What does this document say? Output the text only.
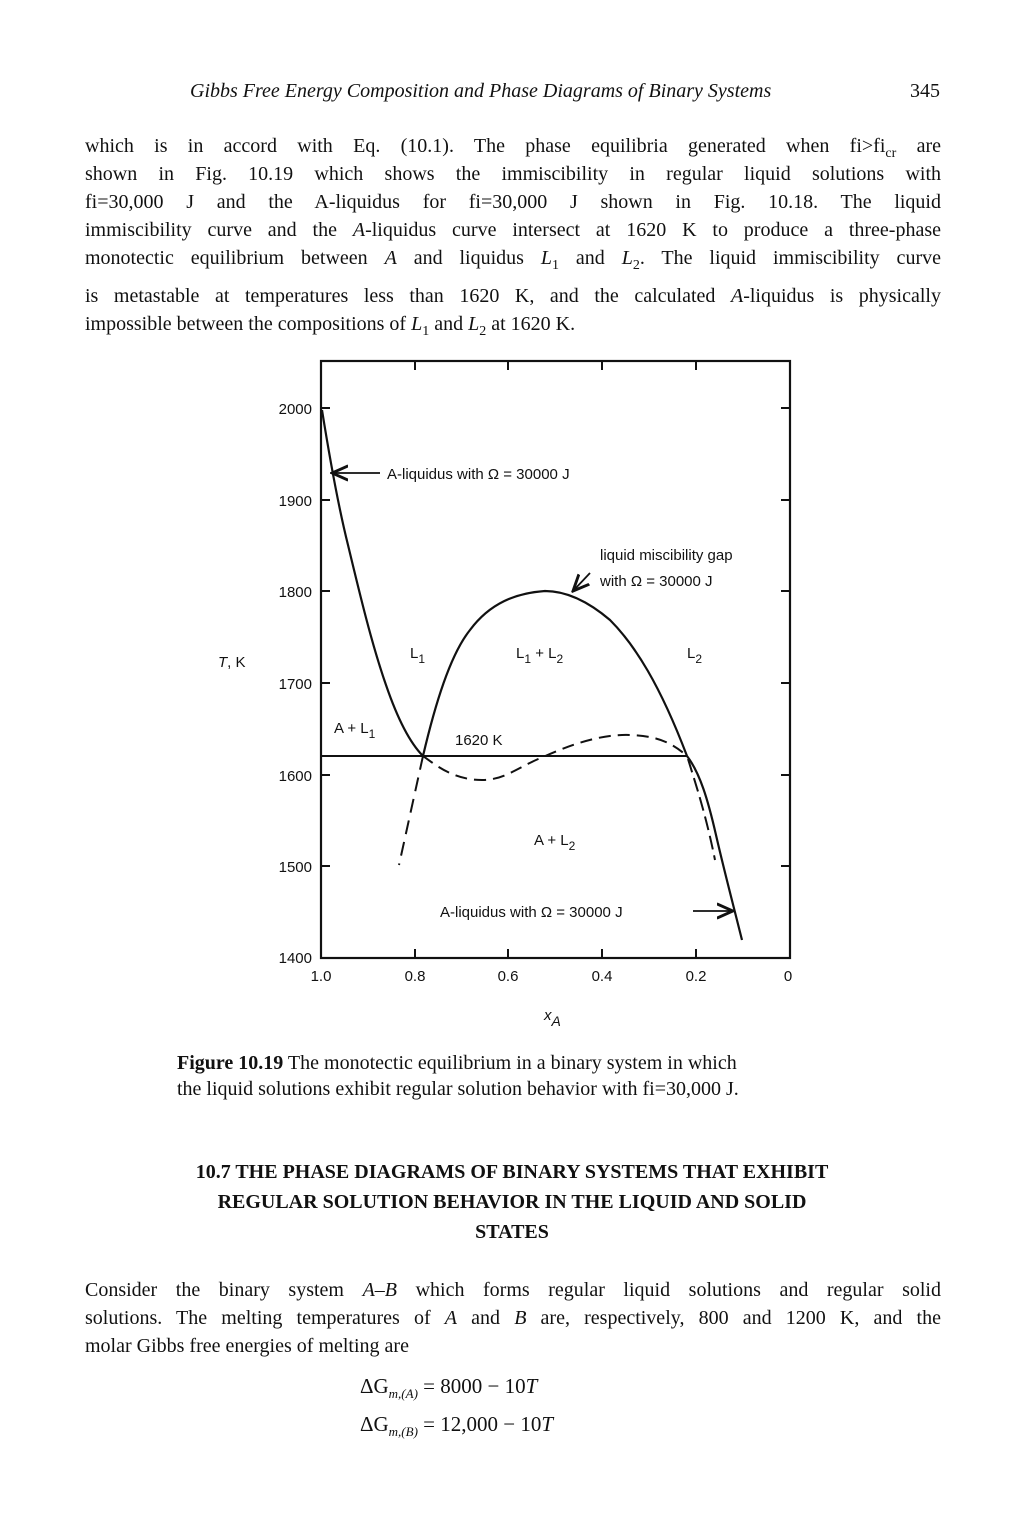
Gibbs Free Energy Composition and Phase Diagrams of Binary Systems	345
which is in accord with Eq. (10.1). The phase equilibria generated when $fi>fi_{cr}$ are
shown in Fig. 10.19 which shows the immiscibility in regular liquid solutions with
fi=30,000 J and the A-liquidus for fi=30,000 J shown in Fig. 10.18. The liquid
immiscibility curve and the A-liquidus curve intersect at 1620 K to produce a three-phase
monotectic equilibrium between A and liquidus $L_1$ and $L_2$. The liquid immiscibility curve
is metastable at temperatures less than 1620 K, and the calculated A-liquidus is physically
impossible between the compositions of $L_1$ and $L_2$ at 1620 K.
2000
1900
1800
1700
1600
1500
1400
1.0	0.8	0.6	0.4	0.2	0
T, K
xA
A-liquidus with Ω = 30000 J
liquid miscibility gap
with Ω = 30000 J
$L_1$	$L_1 + L_2$	$L_2$
$A + L_1$	1620 K
$A + L_2$
A-liquidus with Ω = 30000 J
Figure 10.19 The monotectic equilibrium in a binary system in which
the liquid solutions exhibit regular solution behavior with fi=30,000 J.
10.7 THE PHASE DIAGRAMS OF BINARY SYSTEMS THAT EXHIBIT
REGULAR SOLUTION BEHAVIOR IN THE LIQUID AND SOLID
STATES
Consider the binary system A–B which forms regular liquid solutions and regular solid
solutions. The melting temperatures of A and B are, respectively, 800 and 1200 K, and the
molar Gibbs free energies of melting are
$\Delta G_{m,(A)} = 8000 - 10T$
$\Delta G_{m,(B)} = 12,000 - 10T$
